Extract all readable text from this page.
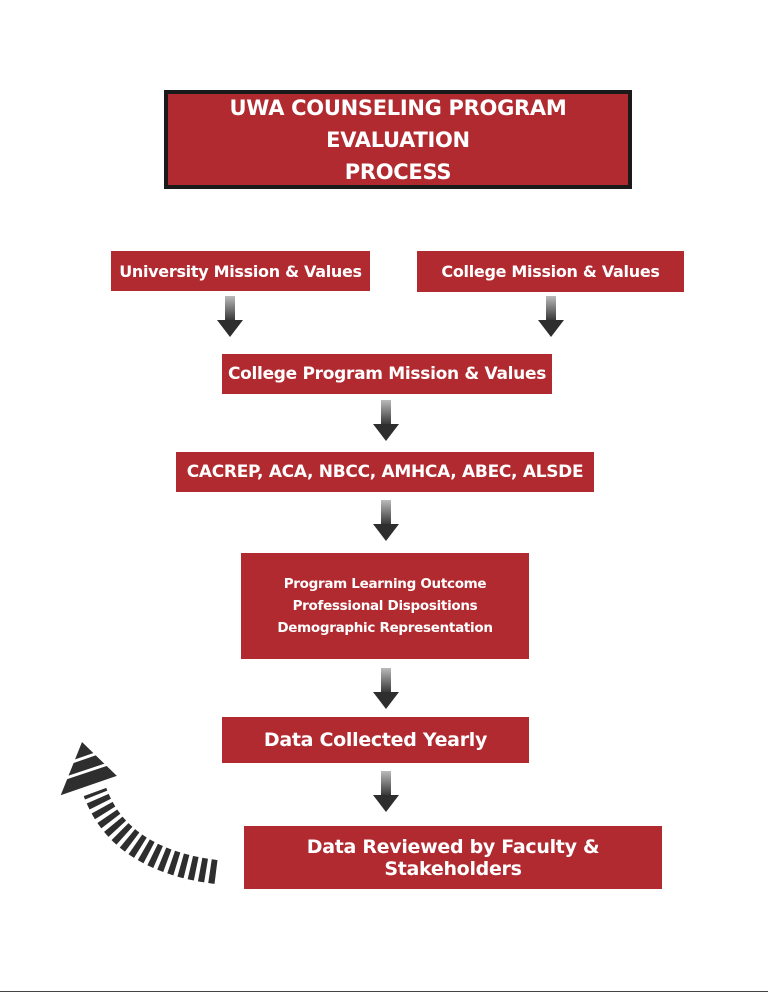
UWA COUNSELING PROGRAM EVALUATION
PROCESS
University Mission & Values	College Mission & Values
College Program Mission & Values
CACREP, ACA, NBCC, AMHCA, ABEC, ALSDE
Program Learning Outcome
Professional Dispositions
Demographic Representation
Data Collected Yearly
Data Reviewed by Faculty & Stakeholders
